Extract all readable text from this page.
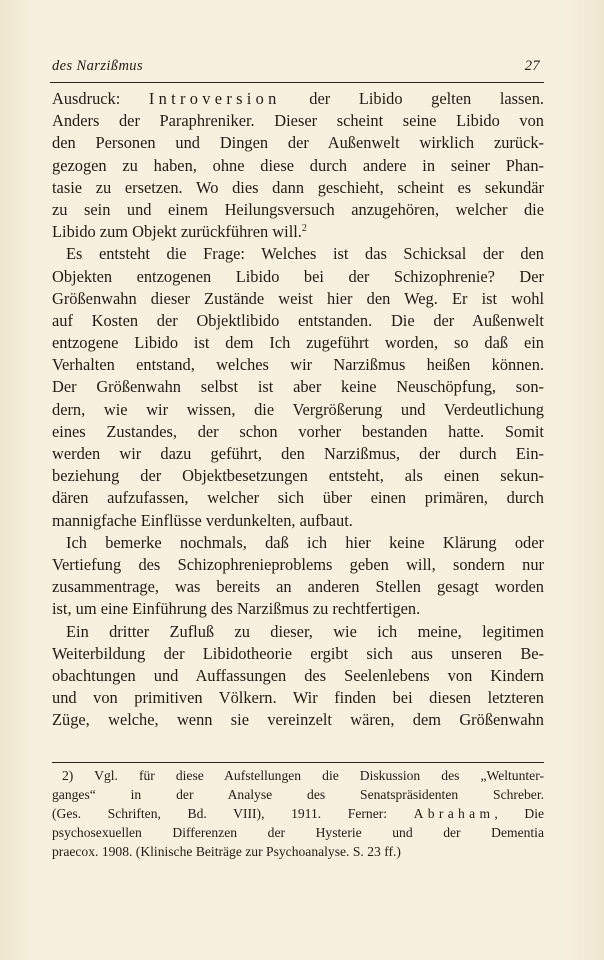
des Narzißmus	27
Ausdruck: Introversion der Libido gelten lassen.
Anders der Paraphreniker. Dieser scheint seine Libido von
den Personen und Dingen der Außenwelt wirklich zurück-
gezogen zu haben, ohne diese durch andere in seiner Phan-
tasie zu ersetzen. Wo dies dann geschieht, scheint es sekundär
zu sein und einem Heilungsversuch anzugehören, welcher die
Libido zum Objekt zurückführen will.$^2$
Es entsteht die Frage: Welches ist das Schicksal der den
Objekten entzogenen Libido bei der Schizophrenie? Der
Größenwahn dieser Zustände weist hier den Weg. Er ist wohl
auf Kosten der Objektlibido entstanden. Die der Außenwelt
entzogene Libido ist dem Ich zugeführt worden, so daß ein
Verhalten entstand, welches wir Narzißmus heißen können.
Der Größenwahn selbst ist aber keine Neuschöpfung, son-
dern, wie wir wissen, die Vergrößerung und Verdeutlichung
eines Zustandes, der schon vorher bestanden hatte. Somit
werden wir dazu geführt, den Narzißmus, der durch Ein-
beziehung der Objektbesetzungen entsteht, als einen sekun-
dären aufzufassen, welcher sich über einen primären, durch
mannigfache Einflüsse verdunkelten, aufbaut.
Ich bemerke nochmals, daß ich hier keine Klärung oder
Vertiefung des Schizophrenieproblems geben will, sondern nur
zusammentrage, was bereits an anderen Stellen gesagt worden
ist, um eine Einführung des Narzißmus zu rechtfertigen.
Ein dritter Zufluß zu dieser, wie ich meine, legitimen
Weiterbildung der Libidotheorie ergibt sich aus unseren Be-
obachtungen und Auffassungen des Seelenlebens von Kindern
und von primitiven Völkern. Wir finden bei diesen letzteren
Züge, welche, wenn sie vereinzelt wären, dem Größenwahn
2) Vgl. für diese Aufstellungen die Diskussion des „Weltunter-
ganges“ in der Analyse des Senatspräsidenten Schreber.
(Ges. Schriften, Bd. VIII), 1911. Ferner: Abraham, Die
psychosexuellen Differenzen der Hysterie und der Dementia
praecox. 1908. (Klinische Beiträge zur Psychoanalyse. S. 23 ff.)
